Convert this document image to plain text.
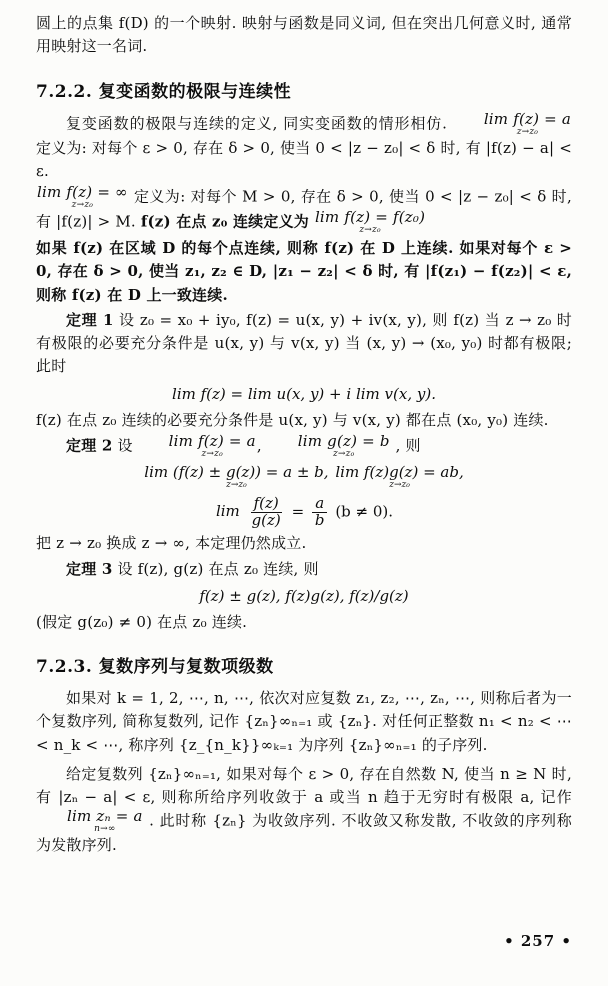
圆上的点集 f(D) 的一个映射. 映射与函数是同义词, 但在突出几何意义时, 通常用映射这一名词.

7.2.2. 复变函数的极限与连续性

复变函数的极限与连续的定义, 同实变函数的情形相仿.	lim f(z) = a
z→z₀
定义为: 对每个 ε > 0, 存在 δ > 0, 使当 0 < |z − z₀| < δ 时, 有 |f(z) − a| < ε.

lim f(z) = ∞
z→z₀	定义为: 对每个 M > 0, 存在 δ > 0, 使当 0 < |z − z₀| < δ 时, 有 |f(z)| > M. f(z) 在点 z₀ 连续定义为 lim f(z) = f(z₀)
z→z₀

如果 f(z) 在区域 D 的每个点连续, 则称 f(z) 在 D 上连续. 如果对每个 ε > 0, 存在 δ > 0, 使当 z₁, z₂ ∈ D, |z₁ − z₂| < δ 时, 有 |f(z₁) − f(z₂)| < ε, 则称 f(z) 在 D 上一致连续.

定理 1 设 z₀ = x₀ + iy₀, f(z) = u(x, y) + iv(x, y), 则 f(z) 当 z → z₀ 时有极限的必要充分条件是 u(x, y) 与 v(x, y) 当 (x, y) → (x₀, y₀) 时都有极限; 此时

lim f(z) = lim u(x, y) + i lim v(x, y).

f(z) 在点 z₀ 连续的必要充分条件是 u(x, y) 与 v(x, y) 都在点 (x₀, y₀) 连续.

定理 2 设	lim f(z) = a
z→z₀ ,	lim g(z) = b
z→z₀	, 则

lim (f(z) ± g(z)) = a ± b,
z→z₀

lim f(z)g(z) = ab,
z→z₀
lim
$\frac{f(z)}{g(z)} = \frac{a}{b} (b \ne 0)$.

把 z → z₀ 换成 z → ∞, 本定理仍然成立.

定理 3 设 f(z), g(z) 在点 z₀ 连续, 则

f(z) ± g(z), f(z)g(z), f(z)/g(z)

(假定 g(z₀) ≠ 0) 在点 z₀ 连续.

7.2.3. 复数序列与复数项级数

如果对 k = 1, 2, ⋯, n, ⋯, 依次对应复数 z₁, z₂, ⋯, zₙ, ⋯, 则称后者为一个复数序列, 简称复数列, 记作 {zₙ}∞ₙ₌₁ 或 {zₙ}. 对任何正整数 n₁ < n₂ < ⋯ < n_k < ⋯, 称序列 {z_{n_k}}∞ₖ₌₁ 为序列 {zₙ}∞ₙ₌₁ 的子序列.

给定复数列 {zₙ}∞ₙ₌₁, 如果对每个 ε > 0, 存在自然数 N, 使当 n ≥ N 时, 有 |zₙ − a| < ε, 则称所给序列收敛于 a 或当 n 趋于无穷时有极限 a, 记作
lim zₙ = a
n→∞ . 此时称 {zₙ} 为收敛序列. 不收敛又称发散, 不收敛的序列称为发散序列.

• 257 •
